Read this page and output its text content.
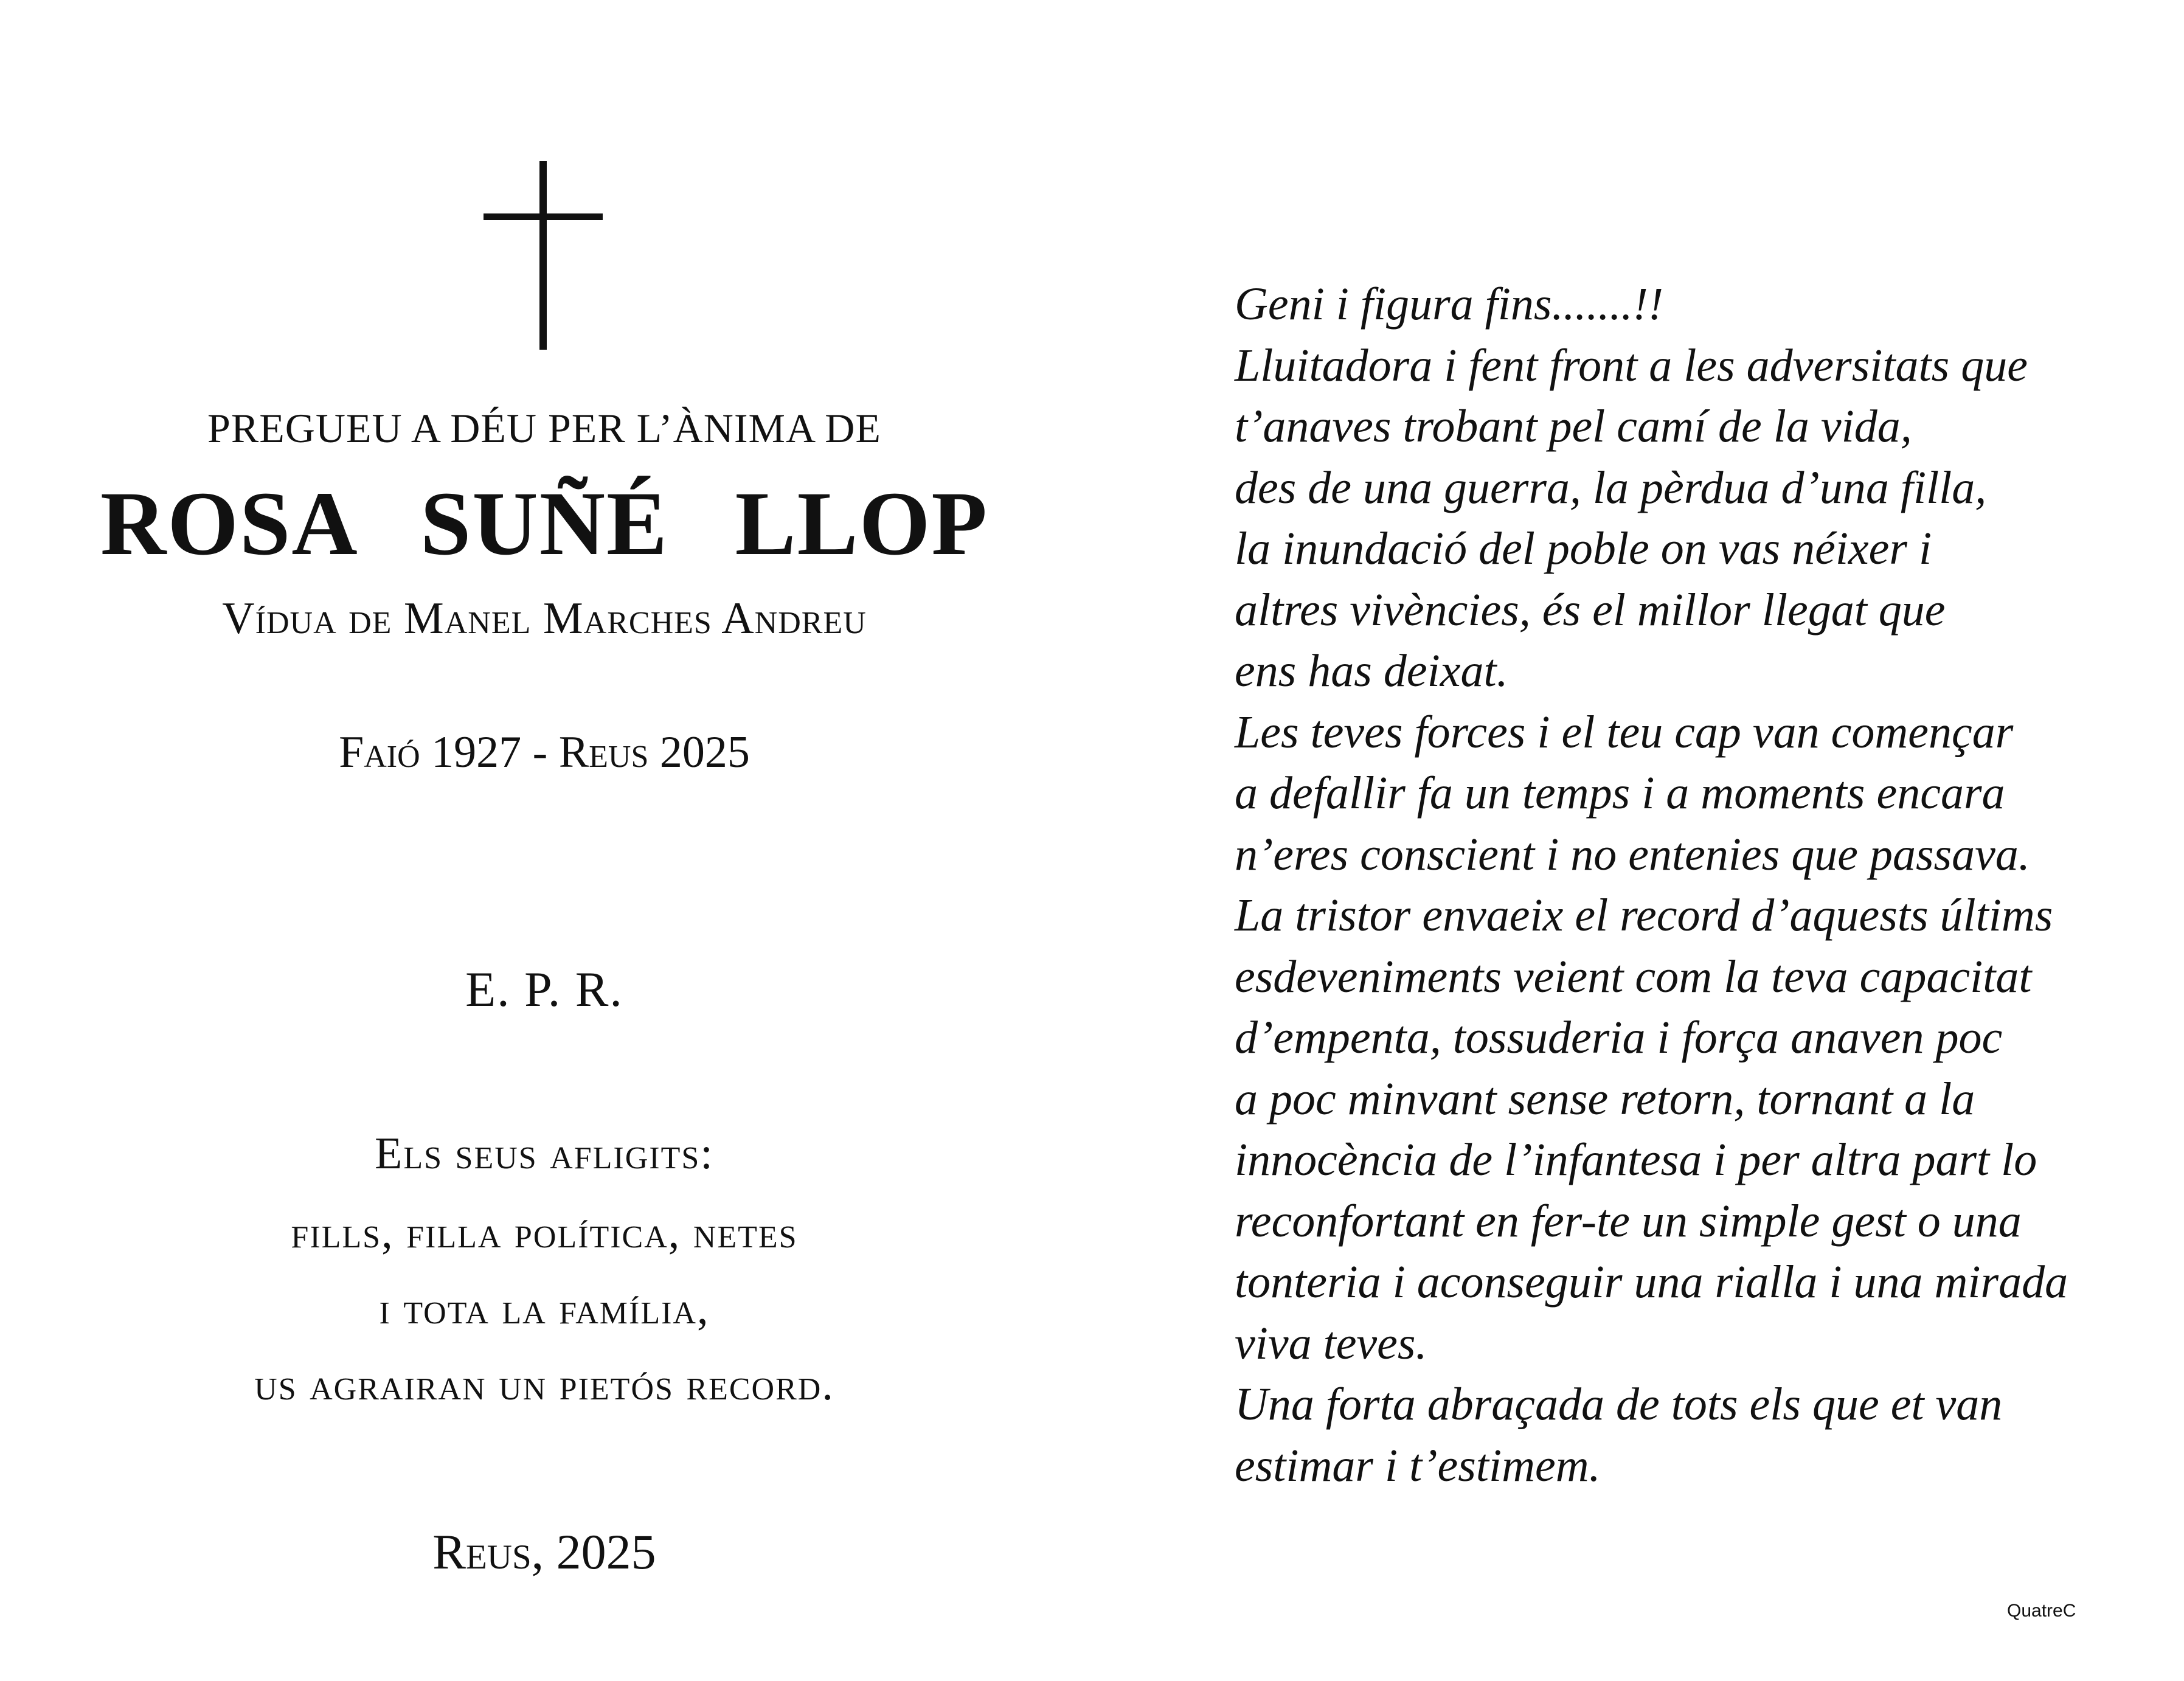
PREGUEU A DÉU PER L’ÀNIMA DE
ROSA SUÑÉ LLOP
Vídua de Manel Marches Andreu
Faió 1927 - Reus 2025
E. P. R.
Els seus afligits:
fills, filla política, netes
i tota la família,
us agrairan un pietós record.
Reus, 2025
Geni i figura fins.......!!
Lluitadora i fent front a les adversitats que
t’anaves trobant pel camí de la vida,
des de una guerra, la pèrdua d’una filla,
la inundació del poble on vas néixer i
altres vivències, és el millor llegat que
ens has deixat.
Les teves forces i el teu cap van començar
a defallir fa un temps i a moments encara
n’eres conscient i no entenies que passava.
La tristor envaeix el record d’aquests últims
esdeveniments veient com la teva capacitat
d’empenta, tossuderia i força anaven poc
a poc minvant sense retorn, tornant a la
innocència de l’infantesa i per altra part lo
reconfortant en fer-te un simple gest o una
tonteria i aconseguir una rialla i una mirada
viva teves.
Una forta abraçada de tots els que et van
estimar i t’estimem.
QuatreC
